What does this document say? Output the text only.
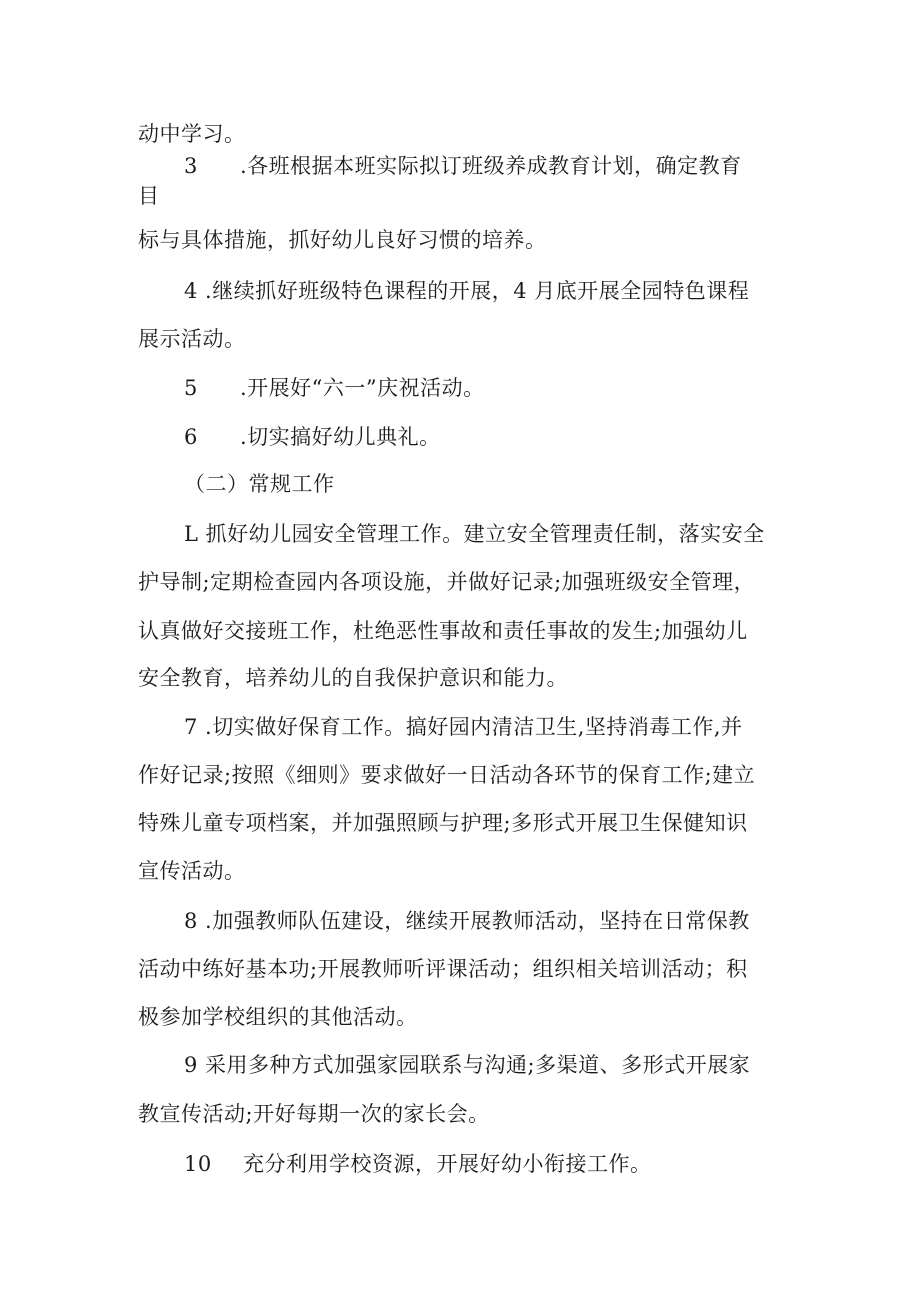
动中学习。
3 .各班根据本班实际拟订班级养成教育计划，确定教育
目
标与具体措施，抓好幼儿良好习惯的培养。
4 .继续抓好班级特色课程的开展，4 月底开展全园特色课程
展示活动。
5 .开展好“六一”庆祝活动。
6 .切实搞好幼儿典礼。
（二）常规工作
L 抓好幼儿园安全管理工作。建立安全管理责任制，落实安全
护导制;定期检查园内各项设施，并做好记录;加强班级安全管理，
认真做好交接班工作，杜绝恶性事故和责任事故的发生;加强幼儿
安全教育，培养幼儿的自我保护意识和能力。
7 .切实做好保育工作。搞好园内清洁卫生,坚持消毒工作,并
作好记录;按照《细则》要求做好一日活动各环节的保育工作;建立
特殊儿童专项档案，并加强照顾与护理;多形式开展卫生保健知识
宣传活动。
8 .加强教师队伍建设，继续开展教师活动，坚持在日常保教
活动中练好基本功;开展教师听评课活动；组织相关培训活动；积
极参加学校组织的其他活动。
9 采用多种方式加强家园联系与沟通;多渠道、多形式开展家
教宣传活动;开好每期一次的家长会。
10 充分利用学校资源，开展好幼小衔接工作。
